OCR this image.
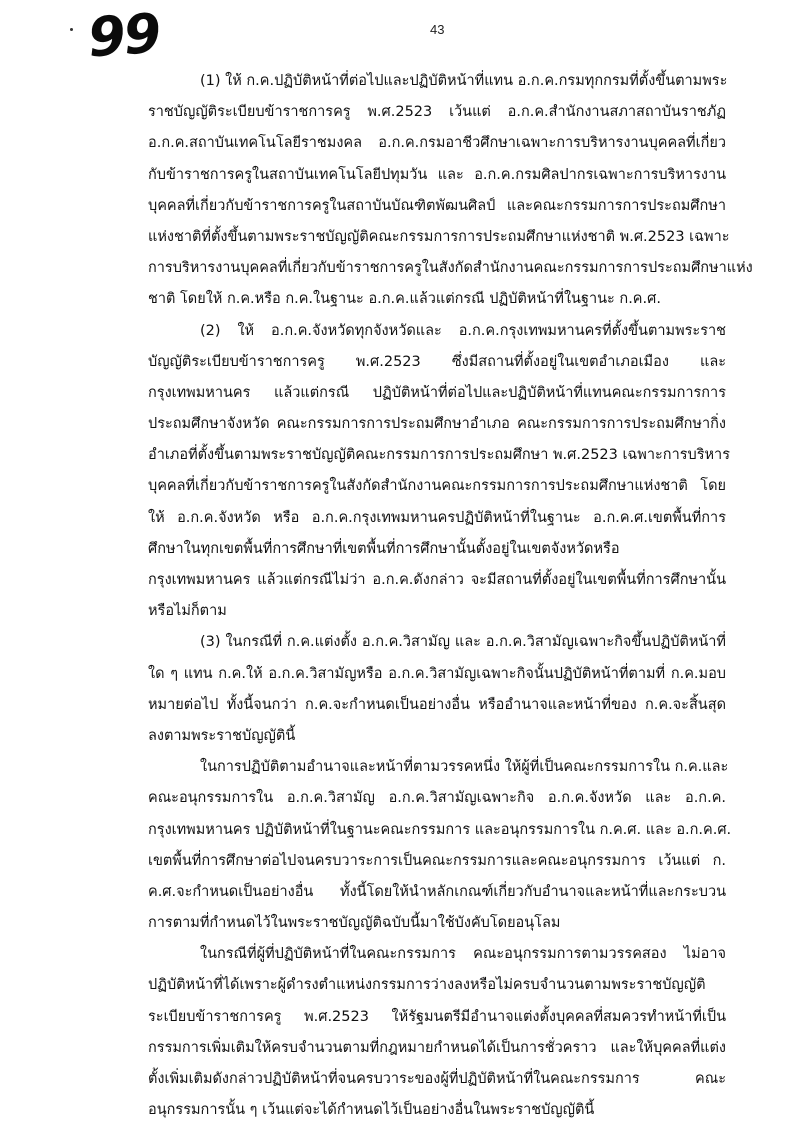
99	43
(1) ให้ ก.ค.ปฏิบัติหน้าที่ต่อไปและปฏิบัติหน้าที่แทน อ.ก.ค.กรมทุกกรมที่ตั้งขึ้นตามพระ
ราชบัญญัติระเบียบข้าราชการครู พ.ศ.2523 เว้นแต่ อ.ก.ค.สำนักงานสภาสถาบันราชภัฏ
อ.ก.ค.สถาบันเทคโนโลยีราชมงคล อ.ก.ค.กรมอาชีวศึกษาเฉพาะการบริหารงานบุคคลที่เกี่ยว
กับข้าราชการครูในสถาบันเทคโนโลยีปทุมวัน และ อ.ก.ค.กรมศิลปากรเฉพาะการบริหารงาน
บุคคลที่เกี่ยวกับข้าราชการครูในสถาบันบัณฑิตพัฒนศิลป์ และคณะกรรมการการประถมศึกษา
แห่งชาติที่ตั้งขึ้นตามพระราชบัญญัติคณะกรรมการการประถมศึกษาแห่งชาติ พ.ศ.2523 เฉพาะ
การบริหารงานบุคคลที่เกี่ยวกับข้าราชการครูในสังกัดสำนักงานคณะกรรมการการประถมศึกษาแห่ง
ชาติ โดยให้ ก.ค.หรือ ก.ค.ในฐานะ อ.ก.ค.แล้วแต่กรณี ปฏิบัติหน้าที่ในฐานะ ก.ค.ศ.
(2) ให้ อ.ก.ค.จังหวัดทุกจังหวัดและ อ.ก.ค.กรุงเทพมหานครที่ตั้งขึ้นตามพระราช
บัญญัติระเบียบข้าราชการครู พ.ศ.2523 ซึ่งมีสถานที่ตั้งอยู่ในเขตอำเภอเมือง และ
กรุงเทพมหานคร แล้วแต่กรณี ปฏิบัติหน้าที่ต่อไปและปฏิบัติหน้าที่แทนคณะกรรมการการ
ประถมศึกษาจังหวัด คณะกรรมการการประถมศึกษาอำเภอ คณะกรรมการการประถมศึกษากิ่ง
อำเภอที่ตั้งขึ้นตามพระราชบัญญัติคณะกรรมการการประถมศึกษา พ.ศ.2523 เฉพาะการบริหาร
บุคคลที่เกี่ยวกับข้าราชการครูในสังกัดสำนักงานคณะกรรมการการประถมศึกษาแห่งชาติ โดย
ให้ อ.ก.ค.จังหวัด หรือ อ.ก.ค.กรุงเทพมหานครปฏิบัติหน้าที่ในฐานะ อ.ก.ค.ศ.เขตพื้นที่การ
ศึกษาในทุกเขตพื้นที่การศึกษาที่เขตพื้นที่การศึกษานั้นตั้งอยู่ในเขตจังหวัดหรือ
กรุงเทพมหานคร แล้วแต่กรณีไม่ว่า อ.ก.ค.ดังกล่าว จะมีสถานที่ตั้งอยู่ในเขตพื้นที่การศึกษานั้น
หรือไม่ก็ตาม
(3) ในกรณีที่ ก.ค.แต่งตั้ง อ.ก.ค.วิสามัญ และ อ.ก.ค.วิสามัญเฉพาะกิจขึ้นปฏิบัติหน้าที่
ใด ๆ แทน ก.ค.ให้ อ.ก.ค.วิสามัญหรือ อ.ก.ค.วิสามัญเฉพาะกิจนั้นปฏิบัติหน้าที่ตามที่ ก.ค.มอบ
หมายต่อไป ทั้งนี้จนกว่า ก.ค.จะกำหนดเป็นอย่างอื่น หรืออำนาจและหน้าที่ของ ก.ค.จะสิ้นสุด
ลงตามพระราชบัญญัตินี้
ในการปฏิบัติตามอำนาจและหน้าที่ตามวรรคหนึ่ง ให้ผู้ที่เป็นคณะกรรมการใน ก.ค.และ
คณะอนุกรรมการใน อ.ก.ค.วิสามัญ อ.ก.ค.วิสามัญเฉพาะกิจ อ.ก.ค.จังหวัด และ อ.ก.ค.
กรุงเทพมหานคร ปฏิบัติหน้าที่ในฐานะคณะกรรมการ และอนุกรรมการใน ก.ค.ศ. และ อ.ก.ค.ศ.
เขตพื้นที่การศึกษาต่อไปจนครบวาระการเป็นคณะกรรมการและคณะอนุกรรมการ เว้นแต่ ก.
ค.ศ.จะกำหนดเป็นอย่างอื่น ทั้งนี้โดยให้นำหลักเกณฑ์เกี่ยวกับอำนาจและหน้าที่และกระบวน
การตามที่กำหนดไว้ในพระราชบัญญัติฉบับนี้มาใช้บังคับโดยอนุโลม
ในกรณีที่ผู้ที่ปฏิบัติหน้าที่ในคณะกรรมการ คณะอนุกรรมการตามวรรคสอง ไม่อาจ
ปฏิบัติหน้าที่ได้เพราะผู้ดำรงตำแหน่งกรรมการว่างลงหรือไม่ครบจำนวนตามพระราชบัญญัติ
ระเบียบข้าราชการครู พ.ศ.2523 ให้รัฐมนตรีมีอำนาจแต่งตั้งบุคคลที่สมควรทำหน้าที่เป็น
กรรมการเพิ่มเติมให้ครบจำนวนตามที่กฎหมายกำหนดได้เป็นการชั่วคราว และให้บุคคลที่แต่ง
ตั้งเพิ่มเติมดังกล่าวปฏิบัติหน้าที่จนครบวาระของผู้ที่ปฏิบัติหน้าที่ในคณะกรรมการ คณะ
อนุกรรมการนั้น ๆ เว้นแต่จะได้กำหนดไว้เป็นอย่างอื่นในพระราชบัญญัตินี้
